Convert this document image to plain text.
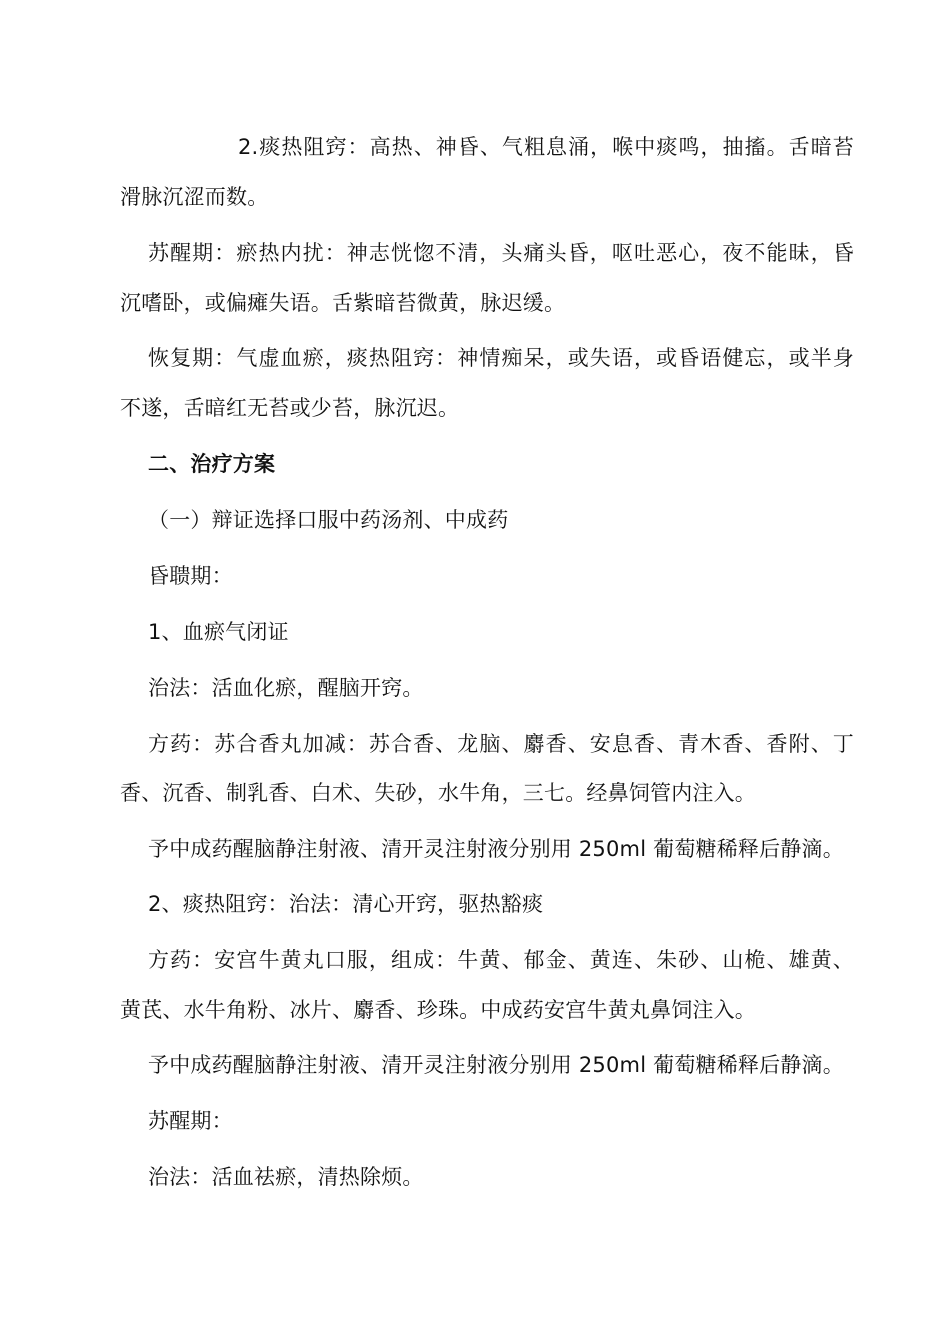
2.痰热阻窍：高热、神昏、气粗息涌，喉中痰鸣，抽搐。舌暗苔
滑脉沉涩而数。
苏醒期：瘀热内扰：神志恍惚不清，头痛头昏，呕吐恶心，夜不能昧，昏
沉嗜卧，或偏瘫失语。舌紫暗苔微黄，脉迟缓。
恢复期：气虚血瘀，痰热阻窍：神情痴呆，或失语，或昏语健忘，或半身
不遂，舌暗红无苔或少苔，脉沉迟。
二、治疗方案
（一）辩证选择口服中药汤剂、中成药
昏聩期：
1、血瘀气闭证
治法：活血化瘀，醒脑开窍。
方药：苏合香丸加减：苏合香、龙脑、麝香、安息香、青木香、香附、丁
香、沉香、制乳香、白术、失砂，水牛角，三七。经鼻饲管内注入。
予中成药醒脑静注射液、清开灵注射液分别用 250ml 葡萄糖稀释后静滴。
2、痰热阻窍：治法：清心开窍，驱热豁痰
方药：安宫牛黄丸口服，组成：牛黄、郁金、黄连、朱砂、山桅、雄黄、
黄芪、水牛角粉、冰片、麝香、珍珠。中成药安宫牛黄丸鼻饲注入。
予中成药醒脑静注射液、清开灵注射液分别用 250ml 葡萄糖稀释后静滴。
苏醒期：
治法：活血祛瘀，清热除烦。
